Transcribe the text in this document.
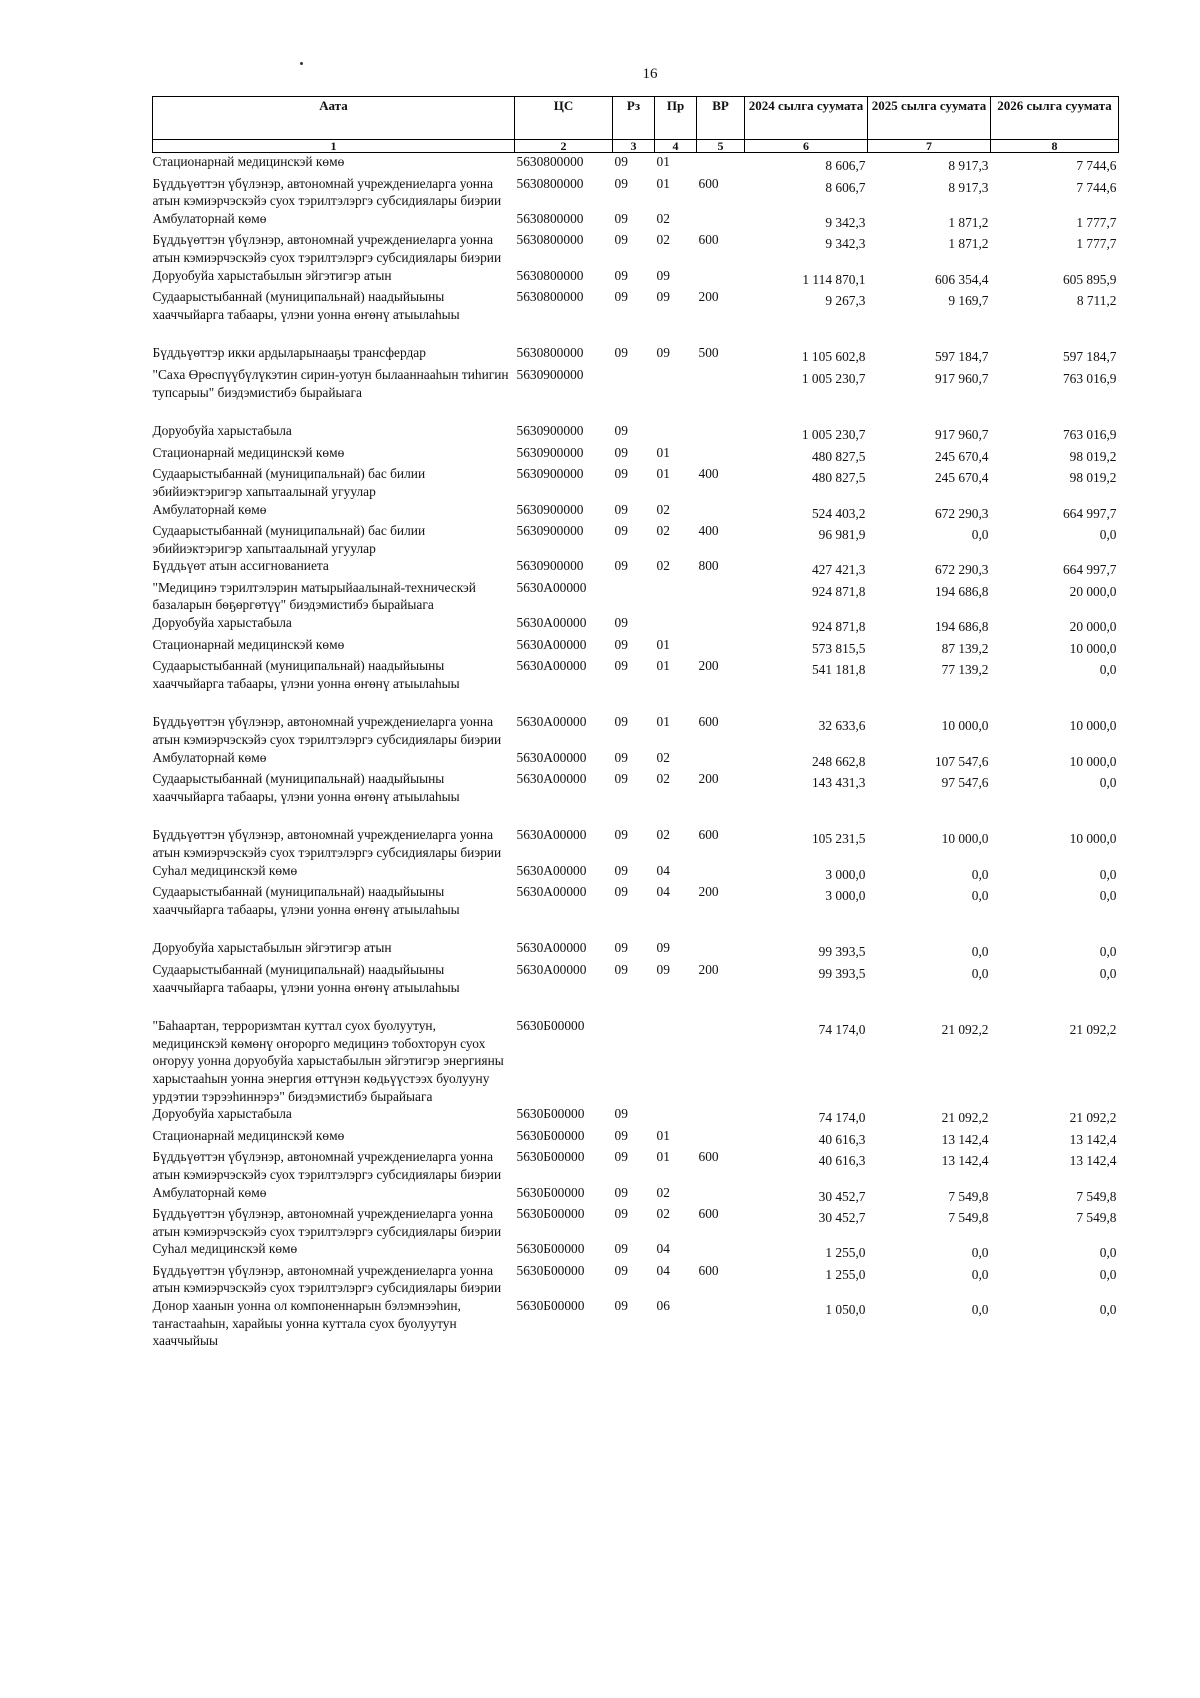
16
Аата	ЦС	Рз	Пр	ВР	2024 сылга суумата	2025 сылга суумата	2026 сылга суумата
1	2	3	4	5	6	7	8
Стационарнай медицинскэй көмө	5630800000	09	01		8 606,7	8 917,3	7 744,6
Бүддьүөттэн үбүлэнэр, автономнай учреждениеларга уонна атын кэмиэрчэскэйэ суох тэрилтэлэргэ субсидиялары биэрии	5630800000	09	01	600	8 606,7	8 917,3	7 744,6
Амбулаторнай көмө	5630800000	09	02		9 342,3	1 871,2	1 777,7
Бүддьүөттэн үбүлэнэр, автономнай учреждениеларга уонна атын кэмиэрчэскэйэ суох тэрилтэлэргэ субсидиялары биэрии	5630800000	09	02	600	9 342,3	1 871,2	1 777,7
Доруобуйа харыстабылын эйгэтигэр атын	5630800000	09	09		1 114 870,1	606 354,4	605 895,9
Судаарыстыбаннай (муниципальнай) наадыйыыны хааччыйарга табаары, үлэни уонна өҥөнү атыылаһыы	5630800000	09	09	200	9 267,3	9 169,7	8 711,2

Бүддьүөттэр икки ардыларынааҕы трансфердар	5630800000	09	09	500	1 105 602,8	597 184,7	597 184,7
"Саха Өрөспүүбүлүкэтин сирин-уотун былааннааһын тиһигин тупсарыы" биэдэмистибэ бырайыага	5630900000				1 005 230,7	917 960,7	763 016,9

Доруобуйа харыстабыла	5630900000	09			1 005 230,7	917 960,7	763 016,9
Стационарнай медицинскэй көмө	5630900000	09	01		480 827,5	245 670,4	98 019,2
Судаарыстыбаннай (муниципальнай) бас билии эбийиэктэригэр хапытаалынай угуулар	5630900000	09	01	400	480 827,5	245 670,4	98 019,2
Амбулаторнай көмө	5630900000	09	02		524 403,2	672 290,3	664 997,7
Судаарыстыбаннай (муниципальнай) бас билии эбийиэктэригэр хапытаалынай угуулар	5630900000	09	02	400	96 981,9	0,0	0,0
Бүддьүөт атын ассигнованиета	5630900000	09	02	800	427 421,3	672 290,3	664 997,7
"Медицинэ тэрилтэлэрин матырыйаалынай-техническэй базаларын бөҕөргөтүү" биэдэмистибэ бырайыага	5630А00000				924 871,8	194 686,8	20 000,0
Доруобуйа харыстабыла	5630А00000	09			924 871,8	194 686,8	20 000,0
Стационарнай медицинскэй көмө	5630А00000	09	01		573 815,5	87 139,2	10 000,0
Судаарыстыбаннай (муниципальнай) наадыйыыны хааччыйарга табаары, үлэни уонна өҥөнү атыылаһыы	5630А00000	09	01	200	541 181,8	77 139,2	0,0

Бүддьүөттэн үбүлэнэр, автономнай учреждениеларга уонна атын кэмиэрчэскэйэ суох тэрилтэлэргэ субсидиялары биэрии	5630А00000	09	01	600	32 633,6	10 000,0	10 000,0
Амбулаторнай көмө	5630А00000	09	02		248 662,8	107 547,6	10 000,0
Судаарыстыбаннай (муниципальнай) наадыйыыны хааччыйарга табаары, үлэни уонна өҥөнү атыылаһыы	5630А00000	09	02	200	143 431,3	97 547,6	0,0

Бүддьүөттэн үбүлэнэр, автономнай учреждениеларга уонна атын кэмиэрчэскэйэ суох тэрилтэлэргэ субсидиялары биэрии	5630А00000	09	02	600	105 231,5	10 000,0	10 000,0
Суһал медицинскэй көмө	5630А00000	09	04		3 000,0	0,0	0,0
Судаарыстыбаннай (муниципальнай) наадыйыыны хааччыйарга табаары, үлэни уонна өҥөнү атыылаһыы	5630А00000	09	04	200	3 000,0	0,0	0,0

Доруобуйа харыстабылын эйгэтигэр атын	5630А00000	09	09		99 393,5	0,0	0,0
Судаарыстыбаннай (муниципальнай) наадыйыыны хааччыйарга табаары, үлэни уонна өҥөнү атыылаһыы	5630А00000	09	09	200	99 393,5	0,0	0,0

"Баһаартан, терроризмтан куттал суох буолуутун, медицинскэй көмөнү оҥорорго медицинэ тобохторун суох оҥоруу уонна доруобуйа харыстабылын эйгэтигэр энергияны харыстааһын уонна энергия өттүнэн көдьүүстээх буолууну урдэтии тэрээһиннэрэ" биэдэмистибэ бырайыага	5630Б00000				74 174,0	21 092,2	21 092,2
Доруобуйа харыстабыла	5630Б00000	09			74 174,0	21 092,2	21 092,2
Стационарнай медицинскэй көмө	5630Б00000	09	01		40 616,3	13 142,4	13 142,4
Бүддьүөттэн үбүлэнэр, автономнай учреждениеларга уонна атын кэмиэрчэскэйэ суох тэрилтэлэргэ субсидиялары биэрии	5630Б00000	09	01	600	40 616,3	13 142,4	13 142,4
Амбулаторнай көмө	5630Б00000	09	02		30 452,7	7 549,8	7 549,8
Бүддьүөттэн үбүлэнэр, автономнай учреждениеларга уонна атын кэмиэрчэскэйэ суох тэрилтэлэргэ субсидиялары биэрии	5630Б00000	09	02	600	30 452,7	7 549,8	7 549,8
Суһал медицинскэй көмө	5630Б00000	09	04		1 255,0	0,0	0,0
Бүддьүөттэн үбүлэнэр, автономнай учреждениеларга уонна атын кэмиэрчэскэйэ суох тэрилтэлэргэ субсидиялары биэрии	5630Б00000	09	04	600	1 255,0	0,0	0,0
Донор хаанын уонна ол компоненнарын бэлэмнээһин, таҥастааһын, харайыы уонна куттала суох буолуутун хааччыйыы	5630Б00000	09	06		1 050,0	0,0	0,0
